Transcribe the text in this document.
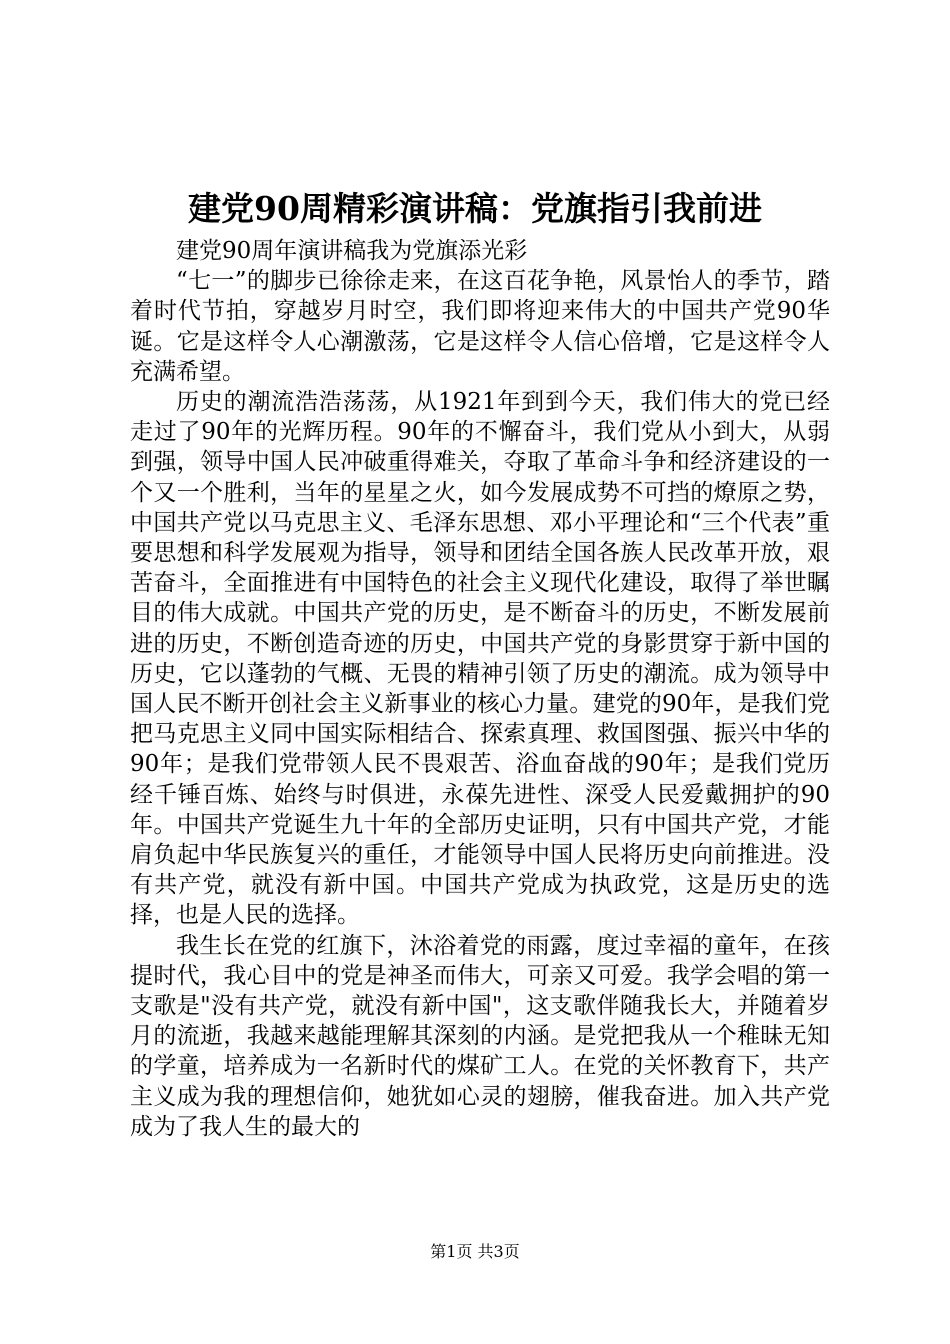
建党90周精彩演讲稿：党旗指引我前进

建党90周年演讲稿我为党旗添光彩

“七一”的脚步已徐徐走来，在这百花争艳，风景怡人的季节，踏着时代节拍，穿越岁月时空，我们即将迎来伟大的中国共产党90华诞。它是这样令人心潮激荡，它是这样令人信心倍增，它是这样令人充满希望。

历史的潮流浩浩荡荡，从1921年到到今天，我们伟大的党已经走过了90年的光辉历程。90年的不懈奋斗，我们党从小到大，从弱到强，领导中国人民冲破重得难关，夺取了革命斗争和经济建设的一个又一个胜利，当年的星星之火，如今发展成势不可挡的燎原之势，中国共产党以马克思主义、毛泽东思想、邓小平理论和“三个代表”重要思想和科学发展观为指导，领导和团结全国各族人民改革开放，艰苦奋斗，全面推进有中国特色的社会主义现代化建设，取得了举世瞩目的伟大成就。中国共产党的历史，是不断奋斗的历史，不断发展前进的历史，不断创造奇迹的历史，中国共产党的身影贯穿于新中国的历史，它以蓬勃的气概、无畏的精神引领了历史的潮流。成为领导中国人民不断开创社会主义新事业的核心力量。建党的90年，是我们党把马克思主义同中国实际相结合、探索真理、救国图强、振兴中华的90年；是我们党带领人民不畏艰苦、浴血奋战的90年；是我们党历经千锤百炼、始终与时俱进，永葆先进性、深受人民爱戴拥护的90年。中国共产党诞生九十年的全部历史证明，只有中国共产党，才能肩负起中华民族复兴的重任，才能领导中国人民将历史向前推进。没有共产党，就没有新中国。中国共产党成为执政党，这是历史的选择，也是人民的选择。

我生长在党的红旗下，沐浴着党的雨露，度过幸福的童年，在孩提时代，我心目中的党是神圣而伟大，可亲又可爱。我学会唱的第一支歌是"没有共产党，就没有新中国"，这支歌伴随我长大，并随着岁月的流逝，我越来越能理解其深刻的内涵。是党把我从一个稚昧无知的学童，培养成为一名新时代的煤矿工人。在党的关怀教育下，共产主义成为我的理想信仰，她犹如心灵的翅膀，催我奋进。加入共产党成为了我人生的最大的

第1页 共3页
